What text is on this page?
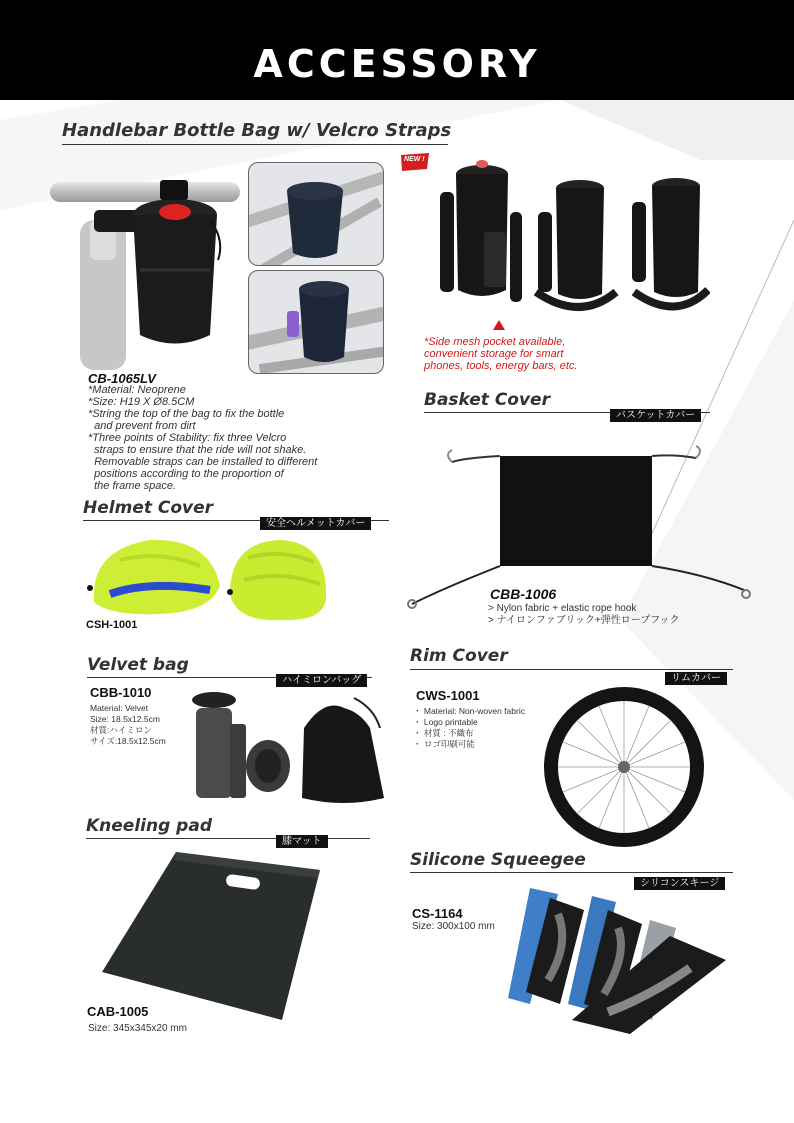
ACCESSORY
Handlebar Bottle Bag w/ Velcro Straps
NEW !
*Side mesh pocket available,
convenient storage for smart
phones, tools, energy bars, etc.
CB-1065LV
*Material: Neoprene
*Size: H19 X Ø8.5CM
*String the top of the bag to fix the bottle
and prevent from dirt
*Three points of Stability: fix three Velcro
straps to ensure that the ride will not shake.
Removable straps can be installed to different
positions according to the proportion of
the frame space.
Basket Cover
バスケットカバー
CBB-1006
> Nylon fabric + elastic rope hook
> ナイロンファブリック+弾性ロープフック
Helmet Cover
安全ヘルメットカバー
CSH-1001
Velvet bag
ハイミロンバッグ
CBB-1010
Material: Velvet
Size: 18.5x12.5cm
材質:ハイミロン
サイズ:18.5x12.5cm
Rim Cover
リムカバー
CWS-1001
・ Material: Non-woven fabric
・ Logo printable
・ 材質 : 不織布
・ ロゴ印刷可能
Kneeling pad
膝マット
CAB-1005
Size: 345x345x20 mm
Silicone Squeegee
シリコンスキージ
CS-1164
Size: 300x100 mm
